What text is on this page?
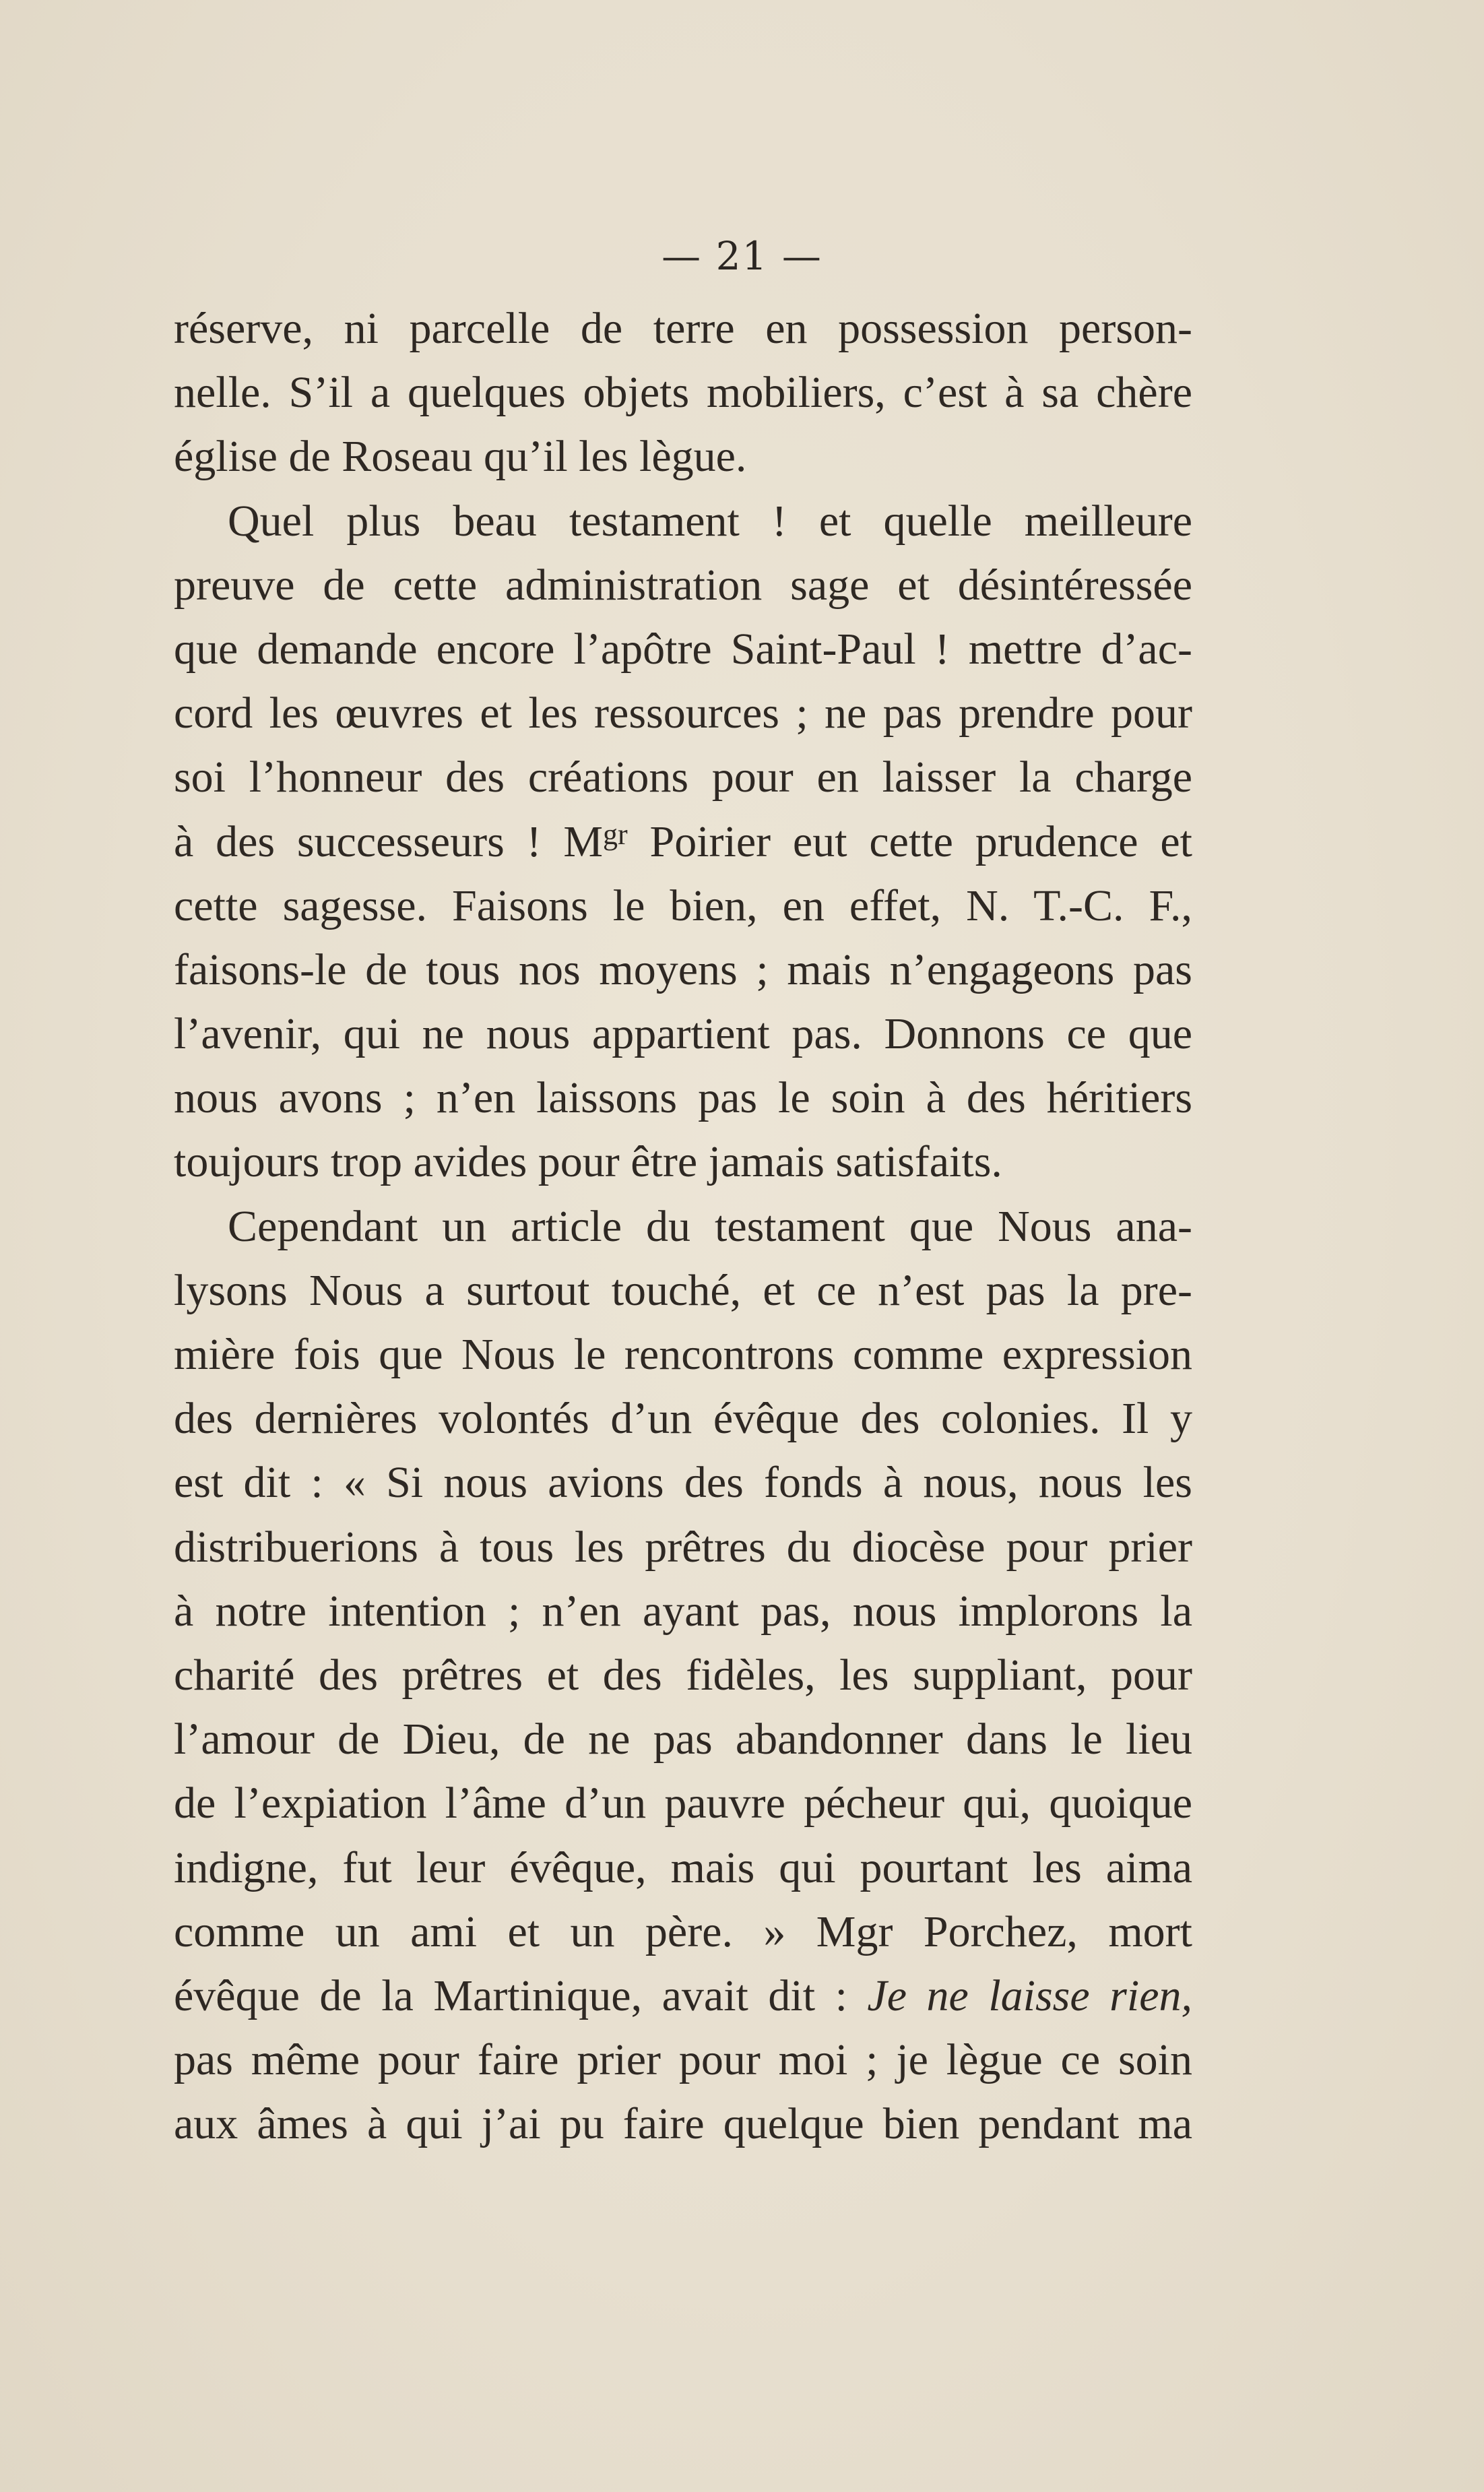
— 21 —
réserve, ni parcelle de terre en possession person-
nelle. S’il a quelques objets mobiliers, c’est à sa chère
église de Roseau qu’il les lègue.
Quel plus beau testament ! et quelle meilleure
preuve de cette administration sage et désintéressée
que demande encore l’apôtre Saint-Paul ! mettre d’ac-
cord les œuvres et les ressources ; ne pas prendre pour
soi l’honneur des créations pour en laisser la charge
à des successeurs ! $M^{gr}$ Poirier eut cette prudence et
cette sagesse. Faisons le bien, en effet, N. T.-C. F.,
faisons-le de tous nos moyens ; mais n’engageons pas
l’avenir, qui ne nous appartient pas. Donnons ce que
nous avons ; n’en laissons pas le soin à des héritiers
toujours trop avides pour être jamais satisfaits.
Cependant un article du testament que Nous ana-
lysons Nous a surtout touché, et ce n’est pas la pre-
mière fois que Nous le rencontrons comme expression
des dernières volontés d’un évêque des colonies. Il y
est dit : « Si nous avions des fonds à nous, nous les
distribuerions à tous les prêtres du diocèse pour prier
à notre intention ; n’en ayant pas, nous implorons la
charité des prêtres et des fidèles, les suppliant, pour
l’amour de Dieu, de ne pas abandonner dans le lieu
de l’expiation l’âme d’un pauvre pécheur qui, quoique
indigne, fut leur évêque, mais qui pourtant les aima
comme un ami et un père. » Mgr Porchez, mort
évêque de la Martinique, avait dit : Je ne laisse rien,
pas même pour faire prier pour moi ; je lègue ce soin
aux âmes à qui j’ai pu faire quelque bien pendant ma
